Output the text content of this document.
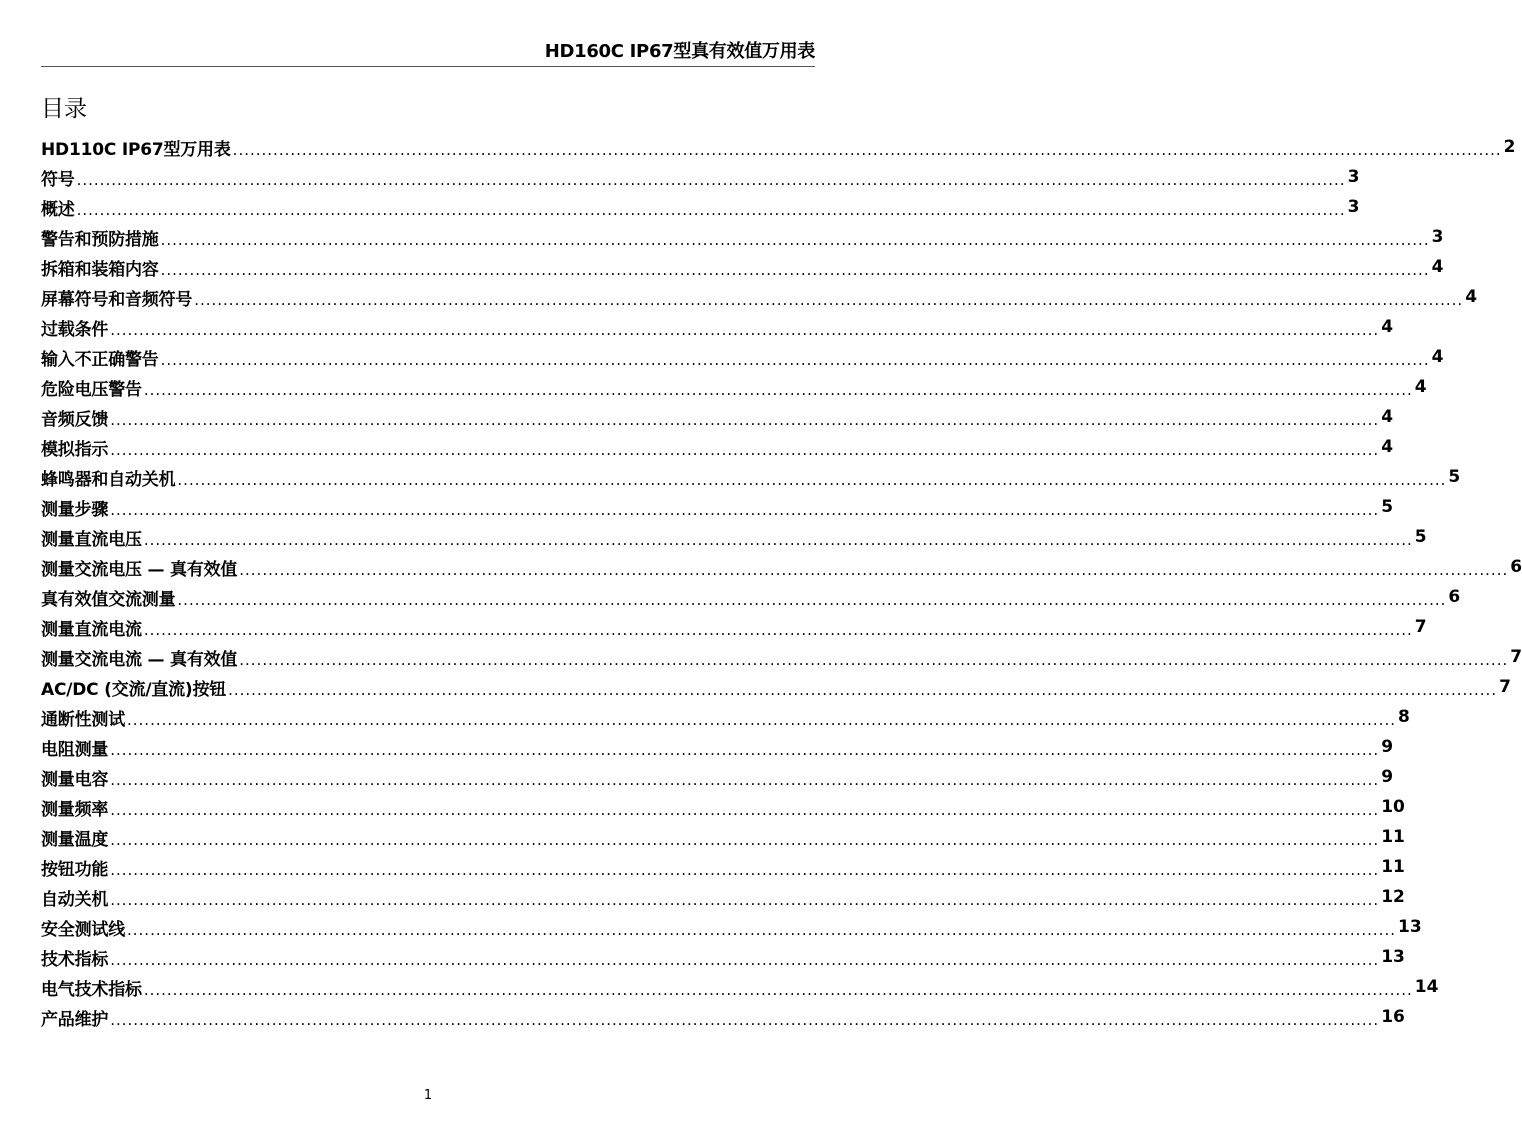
HD160C IP67型真有效值万用表
目录
HD110C IP67型万用表 ............................................................................................................................................................................................................................ 2
符号 ............................................................................................................................................................................................................................ 3
概述 ............................................................................................................................................................................................................................ 3
警告和预防措施 ............................................................................................................................................................................................................................ 3
拆箱和装箱内容 ............................................................................................................................................................................................................................ 4
屏幕符号和音频符号 ............................................................................................................................................................................................................................ 4
过载条件 ............................................................................................................................................................................................................................ 4
输入不正确警告 ............................................................................................................................................................................................................................ 4
危险电压警告 ............................................................................................................................................................................................................................ 4
音频反馈 ............................................................................................................................................................................................................................ 4
模拟指示 ............................................................................................................................................................................................................................ 4
蜂鸣器和自动关机 ............................................................................................................................................................................................................................ 5
测量步骤 ............................................................................................................................................................................................................................ 5
测量直流电压 ............................................................................................................................................................................................................................ 5
测量交流电压 — 真有效值 ............................................................................................................................................................................................................................ 6
真有效值交流测量 ............................................................................................................................................................................................................................ 6
测量直流电流 ............................................................................................................................................................................................................................ 7
测量交流电流 — 真有效值 ............................................................................................................................................................................................................................ 7
AC/DC (交流/直流)按钮 ............................................................................................................................................................................................................................ 7
通断性测试 ............................................................................................................................................................................................................................ 8
电阻测量 ............................................................................................................................................................................................................................ 9
测量电容 ............................................................................................................................................................................................................................ 9
测量频率 ............................................................................................................................................................................................................................ 10
测量温度 ............................................................................................................................................................................................................................ 11
按钮功能 ............................................................................................................................................................................................................................ 11
自动关机 ............................................................................................................................................................................................................................ 12
安全测试线 ............................................................................................................................................................................................................................ 13
技术指标 ............................................................................................................................................................................................................................ 13
电气技术指标 ............................................................................................................................................................................................................................ 14
产品维护 ............................................................................................................................................................................................................................ 16
1
